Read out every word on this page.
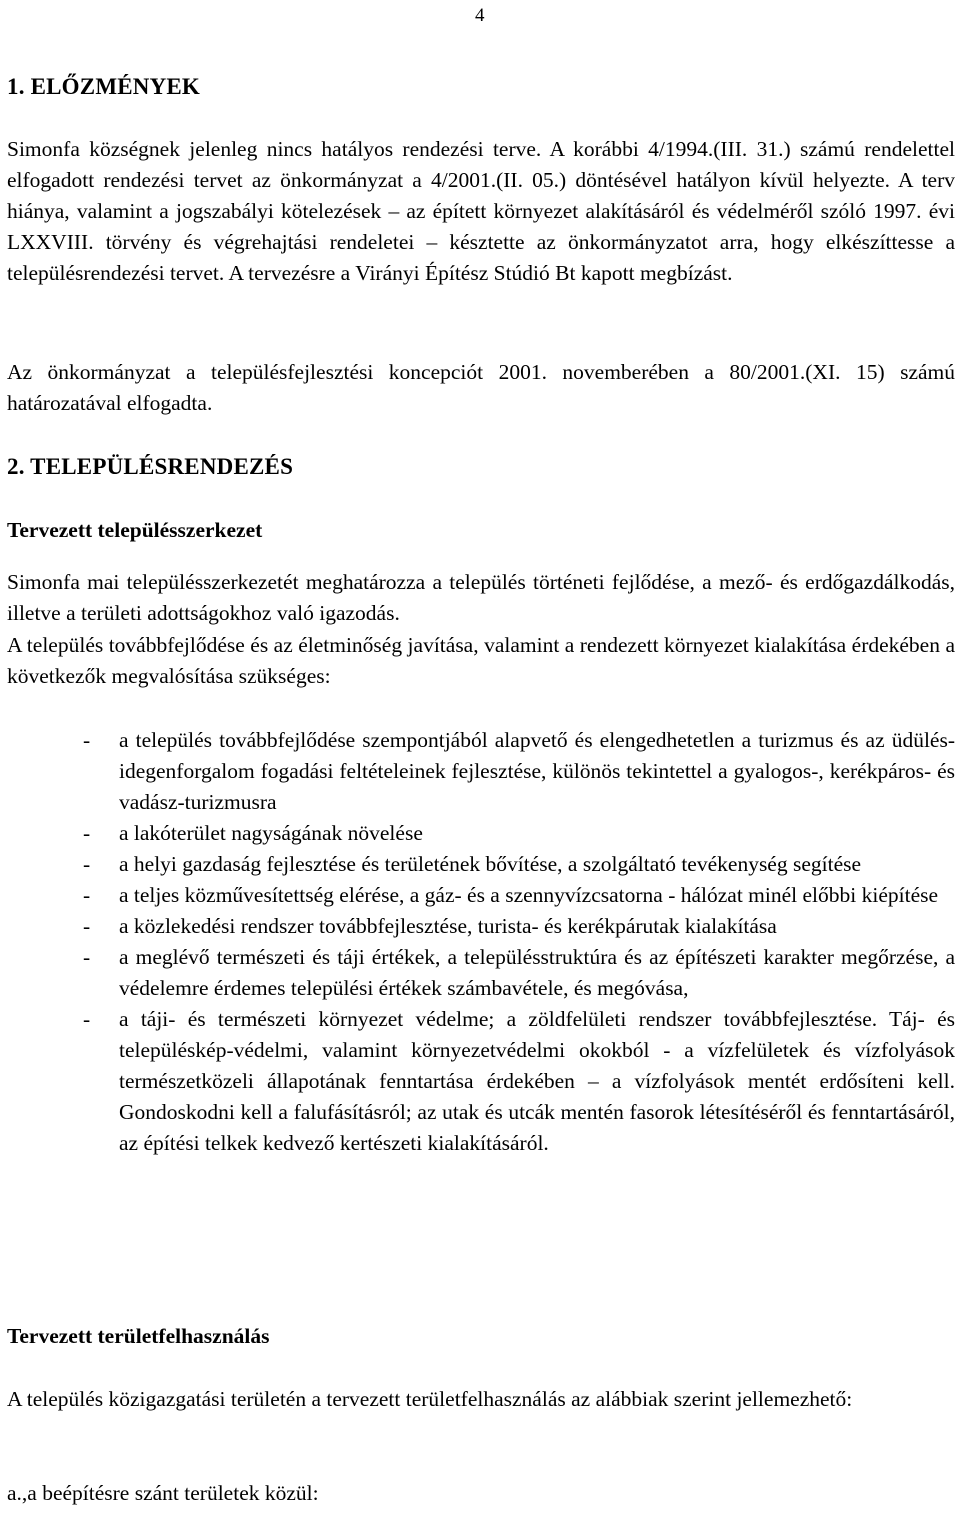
4
1. ELŐZMÉNYEK

Simonfa községnek jelenleg nincs hatályos rendezési terve. A korábbi 4/1994.(III. 31.) számú rendelettel elfogadott rendezési tervet az önkormányzat a 4/2001.(II. 05.) döntésével hatályon kívül helyezte. A terv hiánya, valamint a jogszabályi kötelezések – az épített környezet alakításáról és védelméről szóló 1997. évi LXXVIII. törvény és végrehajtási rendeletei – késztette az önkormányzatot arra, hogy elkészíttesse a településrendezési tervet. A tervezésre a Virányi Építész Stúdió Bt kapott megbízást.

Az önkormányzat a településfejlesztési koncepciót 2001. novemberében a 80/2001.(XI. 15) számú határozatával elfogadta.

2. TELEPÜLÉSRENDEZÉS
Tervezett településszerkezet

Simonfa mai településszerkezetét meghatározza a település történeti fejlődése, a mező- és erdőgazdálkodás, illetve a területi adottságokhoz való igazodás.

A település továbbfejlődése és az életminőség javítása, valamint a rendezett környezet kialakítása érdekében a következők megvalósítása szükséges:

- a település továbbfejlődése szempontjából alapvető és elengedhetetlen a turizmus és az üdülés-idegenforgalom fogadási feltételeinek fejlesztése, különös tekintettel a gyalogos-, kerékpáros- és vadász-turizmusra
- a lakóterület nagyságának növelése
- a helyi gazdaság fejlesztése és területének bővítése, a szolgáltató tevékenység segítése
- a teljes közművesítettség elérése, a gáz- és a szennyvízcsatorna - hálózat minél előbbi kiépítése
- a közlekedési rendszer továbbfejlesztése, turista- és kerékpárutak kialakítása
- a meglévő természeti és táji értékek, a településstruktúra és az építészeti karakter megőrzése, a védelemre érdemes települési értékek számbavétele, és megóvása,
- a táji- és természeti környezet védelme; a zöldfelületi rendszer továbbfejlesztése. Táj- és településkép-védelmi, valamint környezetvédelmi okokból - a vízfelületek és vízfolyások természetközeli állapotának fenntartása érdekében – a vízfolyások mentét erdősíteni kell. Gondoskodni kell a falufásításról; az utak és utcák mentén fasorok létesítéséről és fenntartásáról, az építési telkek kedvező kertészeti kialakításáról.
Tervezett területfelhasználás

A település közigazgatási területén a tervezett területfelhasználás az alábbiak szerint jellemezhető:

a.,a beépítésre szánt területek közül:
